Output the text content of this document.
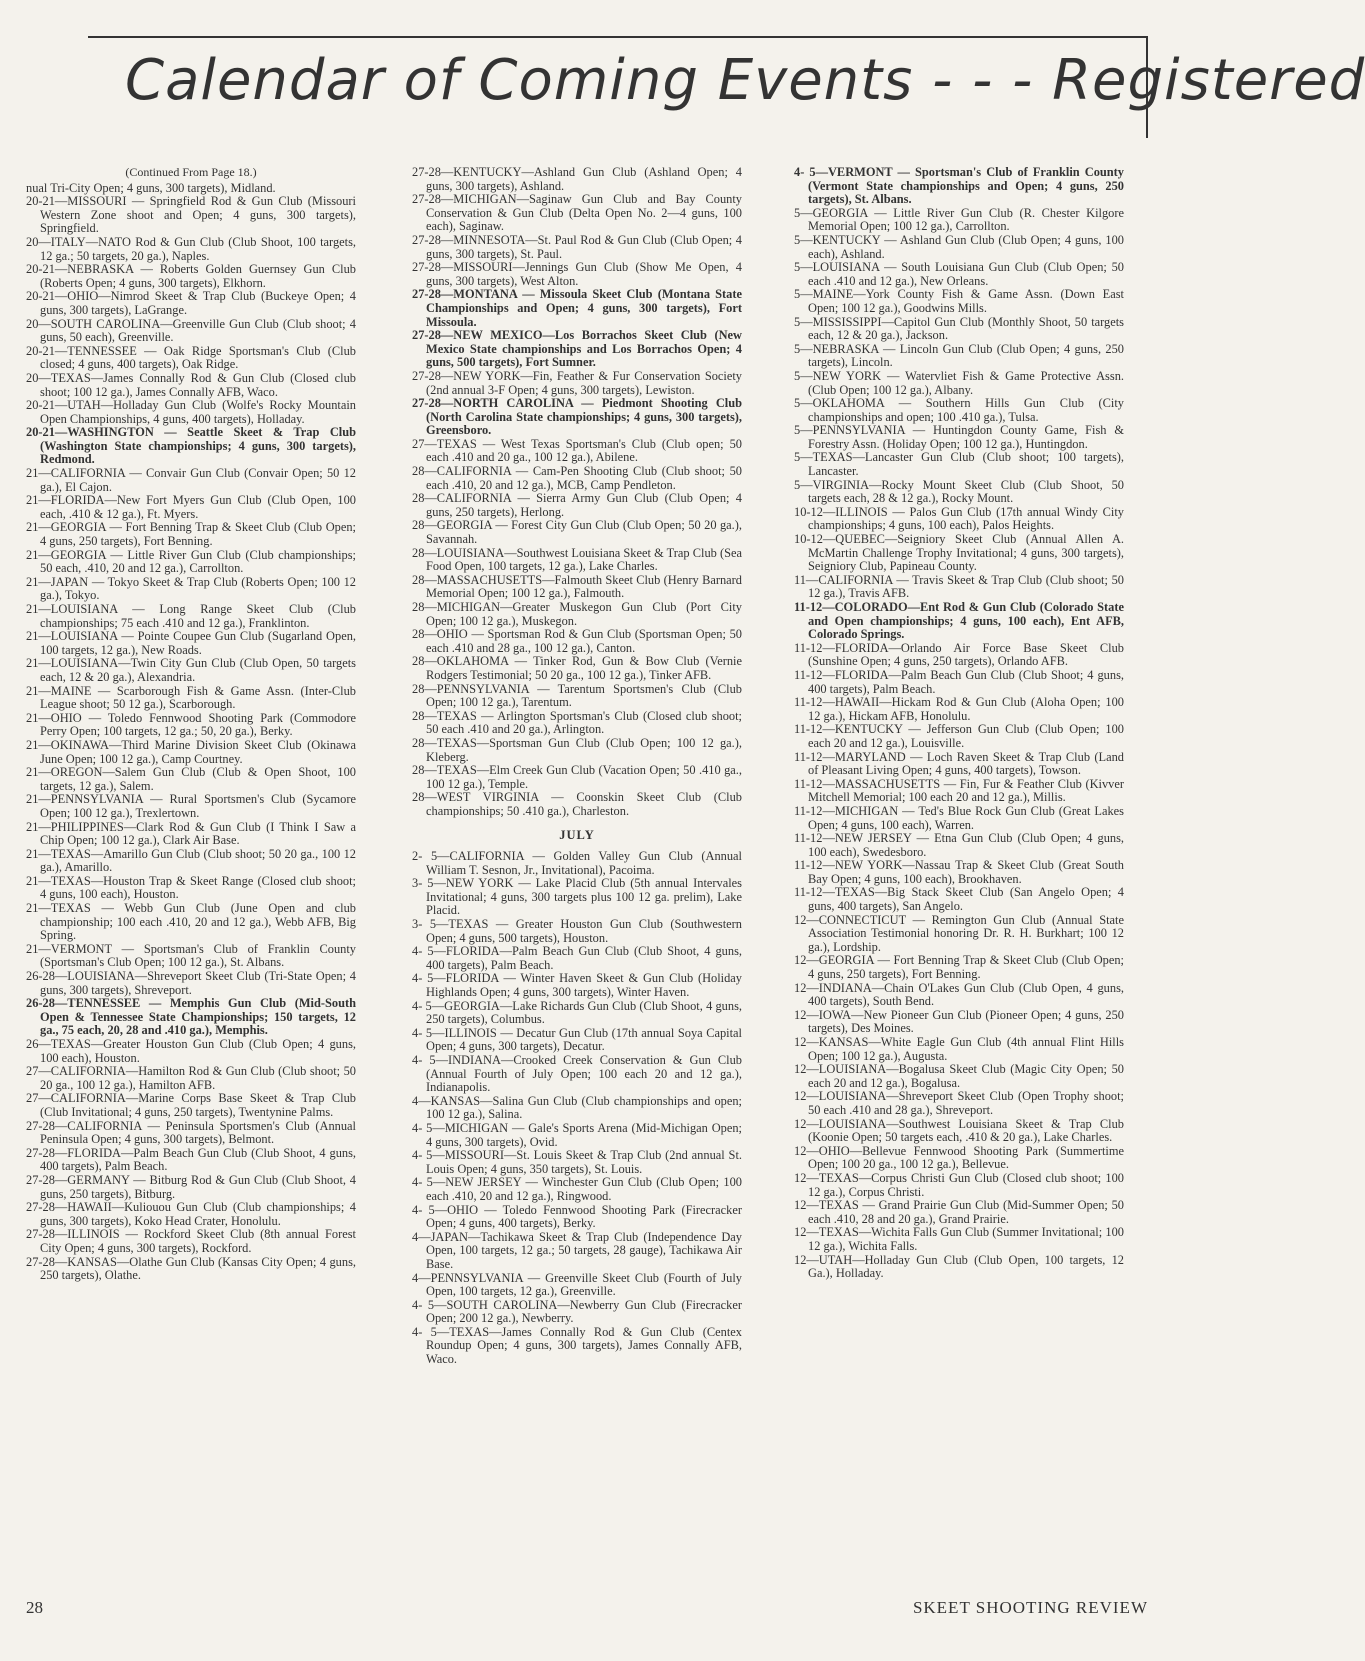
Calendar of Coming Events - - - Registered
(Continued From Page 18.)
nual Tri-City Open; 4 guns, 300 targets), Midland.
20-21—MISSOURI — Springfield Rod & Gun Club (Missouri Western Zone shoot and Open; 4 guns, 300 targets), Springfield.
20—ITALY—NATO Rod & Gun Club (Club Shoot, 100 targets, 12 ga.; 50 targets, 20 ga.), Naples.
20-21—NEBRASKA — Roberts Golden Guernsey Gun Club (Roberts Open; 4 guns, 300 targets), Elkhorn.
20-21—OHIO—Nimrod Skeet & Trap Club (Buckeye Open; 4 guns, 300 targets), LaGrange.
20—SOUTH CAROLINA—Greenville Gun Club (Club shoot; 4 guns, 50 each), Greenville.
20-21—TENNESSEE — Oak Ridge Sportsman's Club (Club closed; 4 guns, 400 targets), Oak Ridge.
20—TEXAS—James Connally Rod & Gun Club (Closed club shoot; 100 12 ga.), James Connally AFB, Waco.
20-21—UTAH—Holladay Gun Club (Wolfe's Rocky Mountain Open Championships, 4 guns, 400 targets), Holladay.
20-21—WASHINGTON — Seattle Skeet & Trap Club (Washington State championships; 4 guns, 300 targets), Redmond.
21—CALIFORNIA — Convair Gun Club (Convair Open; 50 12 ga.), El Cajon.
21—FLORIDA—New Fort Myers Gun Club (Club Open, 100 each, .410 & 12 ga.), Ft. Myers.
21—GEORGIA — Fort Benning Trap & Skeet Club (Club Open; 4 guns, 250 targets), Fort Benning.
21—GEORGIA — Little River Gun Club (Club championships; 50 each, .410, 20 and 12 ga.), Carrollton.
21—JAPAN — Tokyo Skeet & Trap Club (Roberts Open; 100 12 ga.), Tokyo.
21—LOUISIANA — Long Range Skeet Club (Club championships; 75 each .410 and 12 ga.), Franklinton.
21—LOUISIANA — Pointe Coupee Gun Club (Sugarland Open, 100 targets, 12 ga.), New Roads.
21—LOUISIANA—Twin City Gun Club (Club Open, 50 targets each, 12 & 20 ga.), Alexandria.
21—MAINE — Scarborough Fish & Game Assn. (Inter-Club League shoot; 50 12 ga.), Scarborough.
21—OHIO — Toledo Fennwood Shooting Park (Commodore Perry Open; 100 targets, 12 ga.; 50, 20 ga.), Berky.
21—OKINAWA—Third Marine Division Skeet Club (Okinawa June Open; 100 12 ga.), Camp Courtney.
21—OREGON—Salem Gun Club (Club & Open Shoot, 100 targets, 12 ga.), Salem.
21—PENNSYLVANIA — Rural Sportsmen's Club (Sycamore Open; 100 12 ga.), Trexlertown.
21—PHILIPPINES—Clark Rod & Gun Club (I Think I Saw a Chip Open; 100 12 ga.), Clark Air Base.
21—TEXAS—Amarillo Gun Club (Club shoot; 50 20 ga., 100 12 ga.), Amarillo.
21—TEXAS—Houston Trap & Skeet Range (Closed club shoot; 4 guns, 100 each), Houston.
21—TEXAS — Webb Gun Club (June Open and club championship; 100 each .410, 20 and 12 ga.), Webb AFB, Big Spring.
21—VERMONT — Sportsman's Club of Franklin County (Sportsman's Club Open; 100 12 ga.), St. Albans.
26-28—LOUISIANA—Shreveport Skeet Club (Tri-State Open; 4 guns, 300 targets), Shreveport.
26-28—TENNESSEE — Memphis Gun Club (Mid-South Open & Tennessee State Championships; 150 targets, 12 ga., 75 each, 20, 28 and .410 ga.), Memphis.
26—TEXAS—Greater Houston Gun Club (Club Open; 4 guns, 100 each), Houston.
27—CALIFORNIA—Hamilton Rod & Gun Club (Club shoot; 50 20 ga., 100 12 ga.), Hamilton AFB.
27—CALIFORNIA—Marine Corps Base Skeet & Trap Club (Club Invitational; 4 guns, 250 targets), Twentynine Palms.
27-28—CALIFORNIA — Peninsula Sportsmen's Club (Annual Peninsula Open; 4 guns, 300 targets), Belmont.
27-28—FLORIDA—Palm Beach Gun Club (Club Shoot, 4 guns, 400 targets), Palm Beach.
27-28—GERMANY — Bitburg Rod & Gun Club (Club Shoot, 4 guns, 250 targets), Bitburg.
27-28—HAWAII—Kuliouou Gun Club (Club championships; 4 guns, 300 targets), Koko Head Crater, Honolulu.
27-28—ILLINOIS — Rockford Skeet Club (8th annual Forest City Open; 4 guns, 300 targets), Rockford.
27-28—KANSAS—Olathe Gun Club (Kansas City Open; 4 guns, 250 targets), Olathe.
27-28—KENTUCKY—Ashland Gun Club (Ashland Open; 4 guns, 300 targets), Ashland.
27-28—MICHIGAN—Saginaw Gun Club and Bay County Conservation & Gun Club (Delta Open No. 2—4 guns, 100 each), Saginaw.
27-28—MINNESOTA—St. Paul Rod & Gun Club (Club Open; 4 guns, 300 targets), St. Paul.
27-28—MISSOURI—Jennings Gun Club (Show Me Open, 4 guns, 300 targets), West Alton.
27-28—MONTANA — Missoula Skeet Club (Montana State Championships and Open; 4 guns, 300 targets), Fort Missoula.
27-28—NEW MEXICO—Los Borrachos Skeet Club (New Mexico State championships and Los Borrachos Open; 4 guns, 500 targets), Fort Sumner.
27-28—NEW YORK—Fin, Feather & Fur Conservation Society (2nd annual 3-F Open; 4 guns, 300 targets), Lewiston.
27-28—NORTH CAROLINA — Piedmont Shooting Club (North Carolina State championships; 4 guns, 300 targets), Greensboro.
27—TEXAS — West Texas Sportsman's Club (Club open; 50 each .410 and 20 ga., 100 12 ga.), Abilene.
28—CALIFORNIA — Cam-Pen Shooting Club (Club shoot; 50 each .410, 20 and 12 ga.), MCB, Camp Pendleton.
28—CALIFORNIA — Sierra Army Gun Club (Club Open; 4 guns, 250 targets), Herlong.
28—GEORGIA — Forest City Gun Club (Club Open; 50 20 ga.), Savannah.
28—LOUISIANA—Southwest Louisiana Skeet & Trap Club (Sea Food Open, 100 targets, 12 ga.), Lake Charles.
28—MASSACHUSETTS—Falmouth Skeet Club (Henry Barnard Memorial Open; 100 12 ga.), Falmouth.
28—MICHIGAN—Greater Muskegon Gun Club (Port City Open; 100 12 ga.), Muskegon.
28—OHIO — Sportsman Rod & Gun Club (Sportsman Open; 50 each .410 and 28 ga., 100 12 ga.), Canton.
28—OKLAHOMA — Tinker Rod, Gun & Bow Club (Vernie Rodgers Testimonial; 50 20 ga., 100 12 ga.), Tinker AFB.
28—PENNSYLVANIA — Tarentum Sportsmen's Club (Club Open; 100 12 ga.), Tarentum.
28—TEXAS — Arlington Sportsman's Club (Closed club shoot; 50 each .410 and 20 ga.), Arlington.
28—TEXAS—Sportsman Gun Club (Club Open; 100 12 ga.), Kleberg.
28—TEXAS—Elm Creek Gun Club (Vacation Open; 50 .410 ga., 100 12 ga.), Temple.
28—WEST VIRGINIA — Coonskin Skeet Club (Club championships; 50 .410 ga.), Charleston.
JULY
2- 5—CALIFORNIA — Golden Valley Gun Club (Annual William T. Sesnon, Jr., Invitational), Pacoima.
3- 5—NEW YORK — Lake Placid Club (5th annual Intervales Invitational; 4 guns, 300 targets plus 100 12 ga. prelim), Lake Placid.
3- 5—TEXAS — Greater Houston Gun Club (Southwestern Open; 4 guns, 500 targets), Houston.
4- 5—FLORIDA—Palm Beach Gun Club (Club Shoot, 4 guns, 400 targets), Palm Beach.
4- 5—FLORIDA — Winter Haven Skeet & Gun Club (Holiday Highlands Open; 4 guns, 300 targets), Winter Haven.
4- 5—GEORGIA—Lake Richards Gun Club (Club Shoot, 4 guns, 250 targets), Columbus.
4- 5—ILLINOIS — Decatur Gun Club (17th annual Soya Capital Open; 4 guns, 300 targets), Decatur.
4- 5—INDIANA—Crooked Creek Conservation & Gun Club (Annual Fourth of July Open; 100 each 20 and 12 ga.), Indianapolis.
4—KANSAS—Salina Gun Club (Club championships and open; 100 12 ga.), Salina.
4- 5—MICHIGAN — Gale's Sports Arena (Mid-Michigan Open; 4 guns, 300 targets), Ovid.
4- 5—MISSOURI—St. Louis Skeet & Trap Club (2nd annual St. Louis Open; 4 guns, 350 targets), St. Louis.
4- 5—NEW JERSEY — Winchester Gun Club (Club Open; 100 each .410, 20 and 12 ga.), Ringwood.
4- 5—OHIO — Toledo Fennwood Shooting Park (Firecracker Open; 4 guns, 400 targets), Berky.
4—JAPAN—Tachikawa Skeet & Trap Club (Independence Day Open, 100 targets, 12 ga.; 50 targets, 28 gauge), Tachikawa Air Base.
4—PENNSYLVANIA — Greenville Skeet Club (Fourth of July Open, 100 targets, 12 ga.), Greenville.
4- 5—SOUTH CAROLINA—Newberry Gun Club (Firecracker Open; 200 12 ga.), Newberry.
4- 5—TEXAS—James Connally Rod & Gun Club (Centex Roundup Open; 4 guns, 300 targets), James Connally AFB, Waco.
4- 5—VERMONT — Sportsman's Club of Franklin County (Vermont State championships and Open; 4 guns, 250 targets), St. Albans.
5—GEORGIA — Little River Gun Club (R. Chester Kilgore Memorial Open; 100 12 ga.), Carrollton.
5—KENTUCKY — Ashland Gun Club (Club Open; 4 guns, 100 each), Ashland.
5—LOUISIANA — South Louisiana Gun Club (Club Open; 50 each .410 and 12 ga.), New Orleans.
5—MAINE—York County Fish & Game Assn. (Down East Open; 100 12 ga.), Goodwins Mills.
5—MISSISSIPPI—Capitol Gun Club (Monthly Shoot, 50 targets each, 12 & 20 ga.), Jackson.
5—NEBRASKA — Lincoln Gun Club (Club Open; 4 guns, 250 targets), Lincoln.
5—NEW YORK — Watervliet Fish & Game Protective Assn. (Club Open; 100 12 ga.), Albany.
5—OKLAHOMA — Southern Hills Gun Club (City championships and open; 100 .410 ga.), Tulsa.
5—PENNSYLVANIA — Huntingdon County Game, Fish & Forestry Assn. (Holiday Open; 100 12 ga.), Huntingdon.
5—TEXAS—Lancaster Gun Club (Club shoot; 100 targets), Lancaster.
5—VIRGINIA—Rocky Mount Skeet Club (Club Shoot, 50 targets each, 28 & 12 ga.), Rocky Mount.
10-12—ILLINOIS — Palos Gun Club (17th annual Windy City championships; 4 guns, 100 each), Palos Heights.
10-12—QUEBEC—Seigniory Skeet Club (Annual Allen A. McMartin Challenge Trophy Invitational; 4 guns, 300 targets), Seigniory Club, Papineau County.
11—CALIFORNIA — Travis Skeet & Trap Club (Club shoot; 50 12 ga.), Travis AFB.
11-12—COLORADO—Ent Rod & Gun Club (Colorado State and Open championships; 4 guns, 100 each), Ent AFB, Colorado Springs.
11-12—FLORIDA—Orlando Air Force Base Skeet Club (Sunshine Open; 4 guns, 250 targets), Orlando AFB.
11-12—FLORIDA—Palm Beach Gun Club (Club Shoot; 4 guns, 400 targets), Palm Beach.
11-12—HAWAII—Hickam Rod & Gun Club (Aloha Open; 100 12 ga.), Hickam AFB, Honolulu.
11-12—KENTUCKY — Jefferson Gun Club (Club Open; 100 each 20 and 12 ga.), Louisville.
11-12—MARYLAND — Loch Raven Skeet & Trap Club (Land of Pleasant Living Open; 4 guns, 400 targets), Towson.
11-12—MASSACHUSETTS — Fin, Fur & Feather Club (Kivver Mitchell Memorial; 100 each 20 and 12 ga.), Millis.
11-12—MICHIGAN — Ted's Blue Rock Gun Club (Great Lakes Open; 4 guns, 100 each), Warren.
11-12—NEW JERSEY — Etna Gun Club (Club Open; 4 guns, 100 each), Swedesboro.
11-12—NEW YORK—Nassau Trap & Skeet Club (Great South Bay Open; 4 guns, 100 each), Brookhaven.
11-12—TEXAS—Big Stack Skeet Club (San Angelo Open; 4 guns, 400 targets), San Angelo.
12—CONNECTICUT — Remington Gun Club (Annual State Association Testimonial honoring Dr. R. H. Burkhart; 100 12 ga.), Lordship.
12—GEORGIA — Fort Benning Trap & Skeet Club (Club Open; 4 guns, 250 targets), Fort Benning.
12—INDIANA—Chain O'Lakes Gun Club (Club Open, 4 guns, 400 targets), South Bend.
12—IOWA—New Pioneer Gun Club (Pioneer Open; 4 guns, 250 targets), Des Moines.
12—KANSAS—White Eagle Gun Club (4th annual Flint Hills Open; 100 12 ga.), Augusta.
12—LOUISIANA—Bogalusa Skeet Club (Magic City Open; 50 each 20 and 12 ga.), Bogalusa.
12—LOUISIANA—Shreveport Skeet Club (Open Trophy shoot; 50 each .410 and 28 ga.), Shreveport.
12—LOUISIANA—Southwest Louisiana Skeet & Trap Club (Koonie Open; 50 targets each, .410 & 20 ga.), Lake Charles.
12—OHIO—Bellevue Fennwood Shooting Park (Summertime Open; 100 20 ga., 100 12 ga.), Bellevue.
12—TEXAS—Corpus Christi Gun Club (Closed club shoot; 100 12 ga.), Corpus Christi.
12—TEXAS — Grand Prairie Gun Club (Mid-Summer Open; 50 each .410, 28 and 20 ga.), Grand Prairie.
12—TEXAS—Wichita Falls Gun Club (Summer Invitational; 100 12 ga.), Wichita Falls.
12—UTAH—Holladay Gun Club (Club Open, 100 targets, 12 Ga.), Holladay.
28	SKEET SHOOTING REVIEW
